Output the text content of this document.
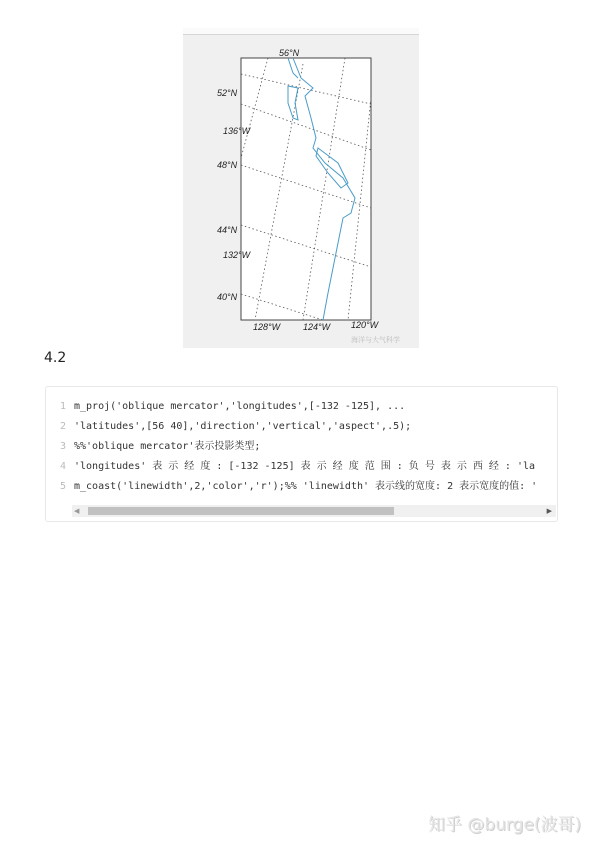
56°N
52°N
48°N
44°N
40°N
136°W
132°W
128°W	124°W 120°W
海洋与大气科学
4.2
1 m_proj('oblique mercator','longitudes',[-132 -125], ...
2 'latitudes',[56 40],'direction','vertical','aspect',.5);
3 %%'oblique mercator'表示投影类型;
4 'longitudes' 表 示 经 度 : [-132 -125] 表 示 经 度 范 围 : 负 号 表 示 西 经 : 'la
5 m_coast('linewidth',2,'color','r');%% 'linewidth' 表示线的宽度: 2 表示宽度的值: '
◀	▶
知乎 @burge(波哥)
